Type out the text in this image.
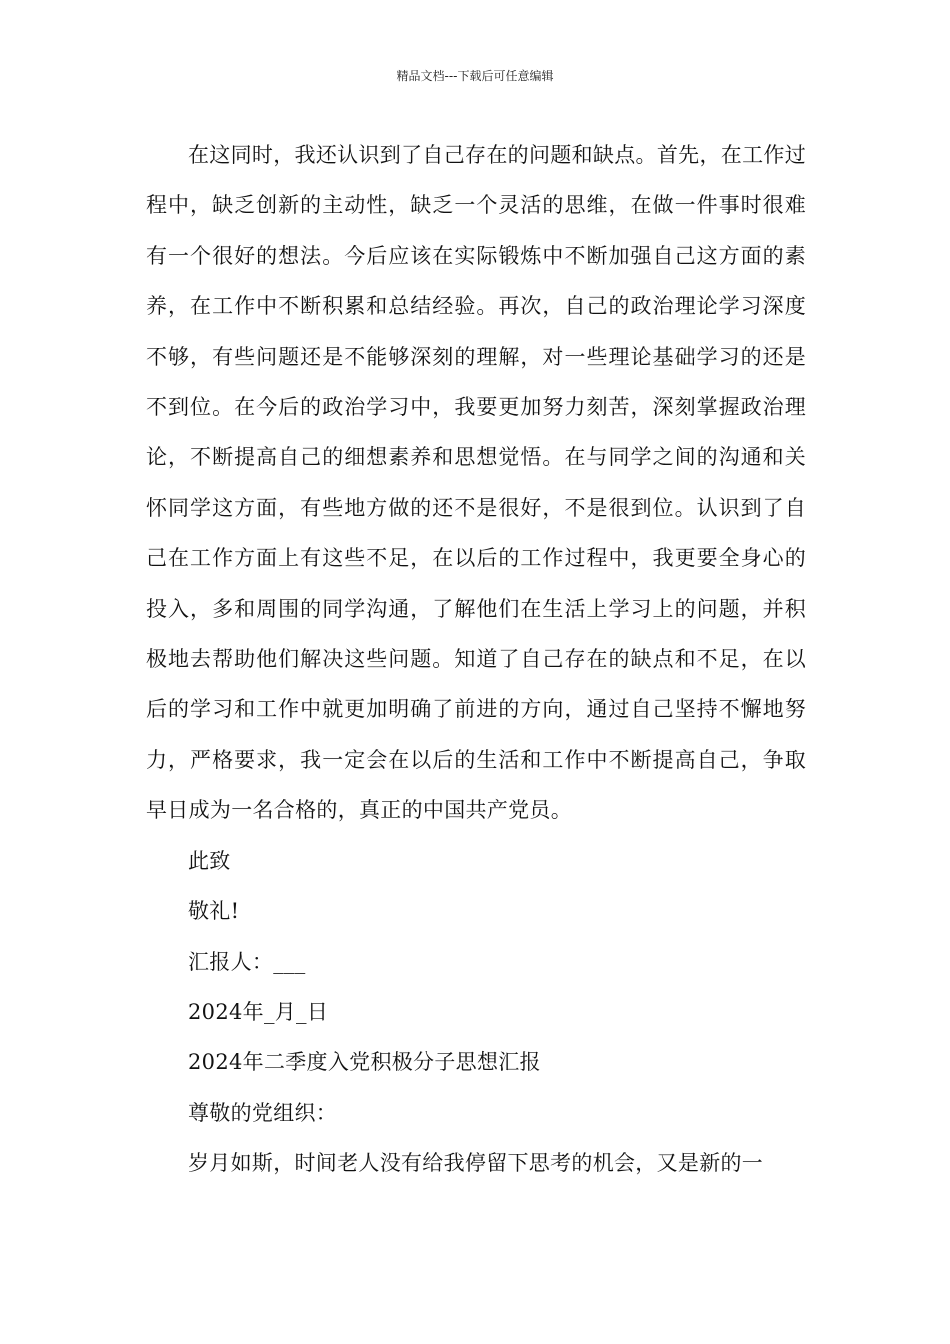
精品文档---下载后可任意编辑

在这同时，我还认识到了自己存在的问题和缺点。首先，在工作过程中，缺乏创新的主动性，缺乏一个灵活的思维，在做一件事时很难有一个很好的想法。今后应该在实际锻炼中不断加强自己这方面的素养，在工作中不断积累和总结经验。再次，自己的政治理论学习深度不够，有些问题还是不能够深刻的理解，对一些理论基础学习的还是不到位。在今后的政治学习中，我要更加努力刻苦，深刻掌握政治理论，不断提高自己的细想素养和思想觉悟。在与同学之间的沟通和关怀同学这方面，有些地方做的还不是很好，不是很到位。认识到了自己在工作方面上有这些不足，在以后的工作过程中，我更要全身心的投入，多和周围的同学沟通，了解他们在生活上学习上的问题，并积极地去帮助他们解决这些问题。知道了自己存在的缺点和不足，在以后的学习和工作中就更加明确了前进的方向，通过自己坚持不懈地努力，严格要求，我一定会在以后的生活和工作中不断提高自己，争取早日成为一名合格的，真正的中国共产党员。

此致

敬礼!

汇报人：___

2024年_月_日

2024年二季度入党积极分子思想汇报

尊敬的党组织：

岁月如斯，时间老人没有给我停留下思考的机会，又是新的一
